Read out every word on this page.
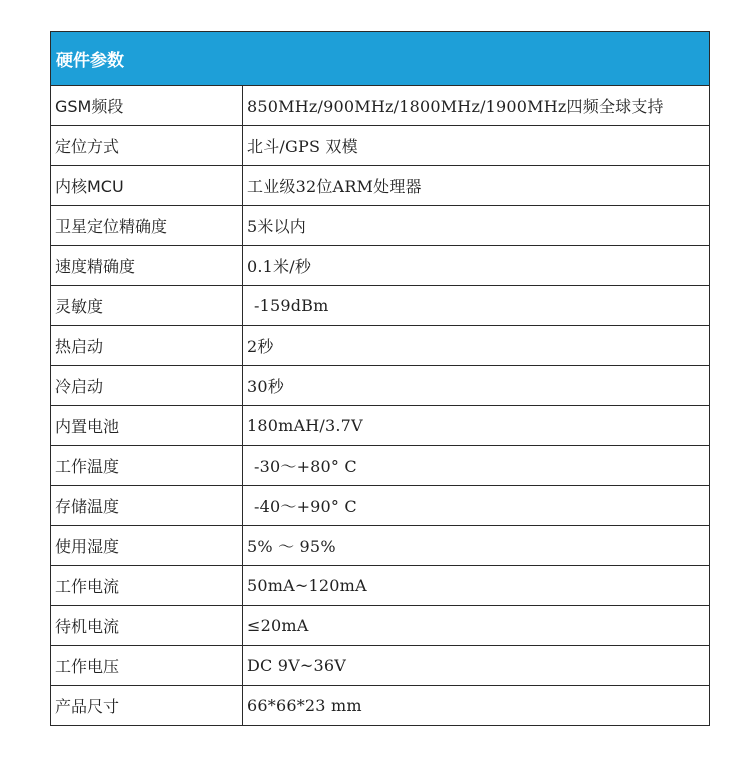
硬件参数	
GSM频段	850MHz/900MHz/1800MHz/1900MHz四频全球支持
定位方式	北斗/GPS 双模
内核MCU	工业级32位ARM处理器
卫星定位精确度	5米以内
速度精确度	0.1米/秒
灵敏度	-159dBm
热启动	2秒
冷启动	30秒
内置电池	180mAH/3.7V
工作温度	-30～+80° C
存储温度	-40～+90° C
使用湿度	5% ～ 95%
工作电流	50mA~120mA
待机电流	≤20mA
工作电压	DC 9V~36V
产品尺寸	66*66*23 mm
